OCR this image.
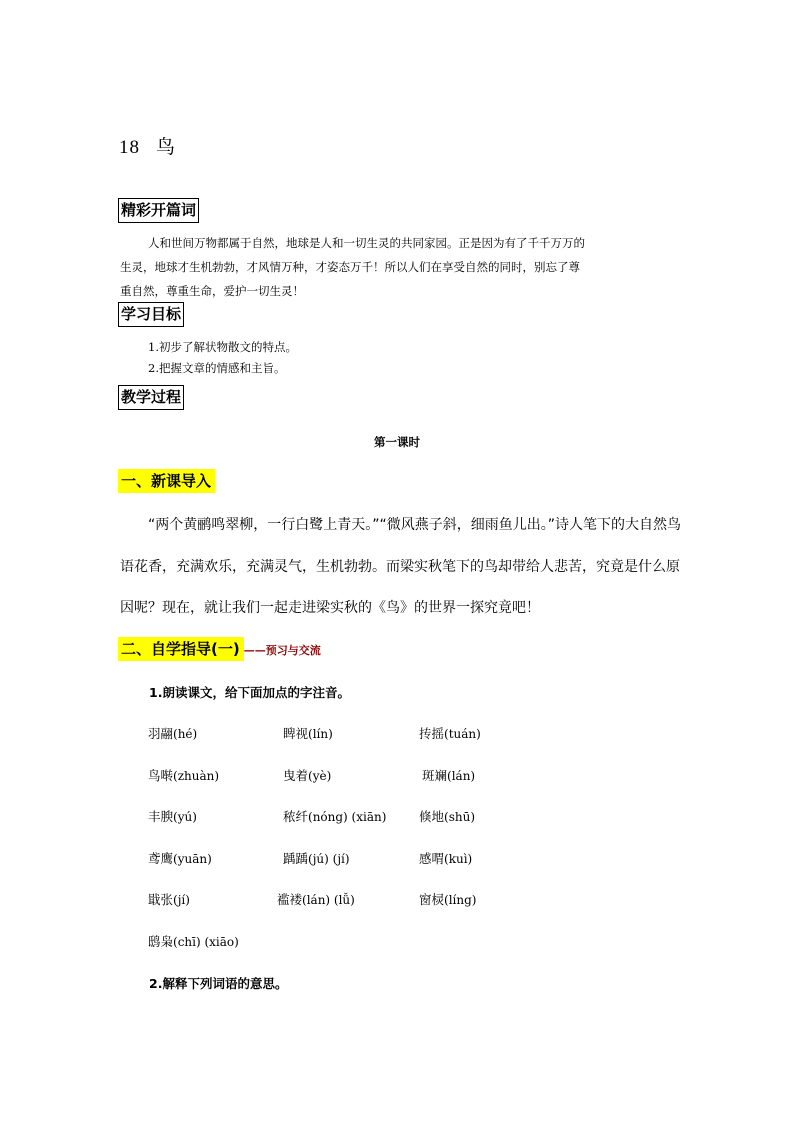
18 鸟
精彩开篇词
人和世间万物都属于自然，地球是人和一切生灵的共同家园。正是因为有了千千万万的
生灵，地球才生机勃勃，才风情万种，才姿态万千！所以人们在享受自然的同时，别忘了尊
重自然，尊重生命，爱护一切生灵！
学习目标
1.初步了解状物散文的特点。
2.把握文章的情感和主旨。
教学过程
第一课时
一、新课导入
“两个黄鹂鸣翠柳，一行白鹭上青天。”“微风燕子斜，细雨鱼儿出。”诗人笔下的大自然鸟
语花香，充满欢乐，充满灵气，生机勃勃。而梁实秋笔下的鸟却带给人悲苦，究竟是什么原
因呢？现在，就让我们一起走进梁实秋的《鸟》的世界一探究竟吧！
二、自学指导(一) ——预习与交流
1.朗读课文，给下面加点的字注音。
羽翮(hé)	睥视(lín)	抟摇(tuán)
鸟啭(zhuàn)	曳着(yè)	斑斓(lán)
丰腴(yú)	秾纤(nóng) (xiān)	倏地(shū)
鸢鹰(yuān)	踽踽(jú) (jí)	感喟(kuì)
戢张(jí)	褴褛(lán) (lǚ)	窗棂(líng)
鸱枭(chī) (xiāo)
2.解释下列词语的意思。
